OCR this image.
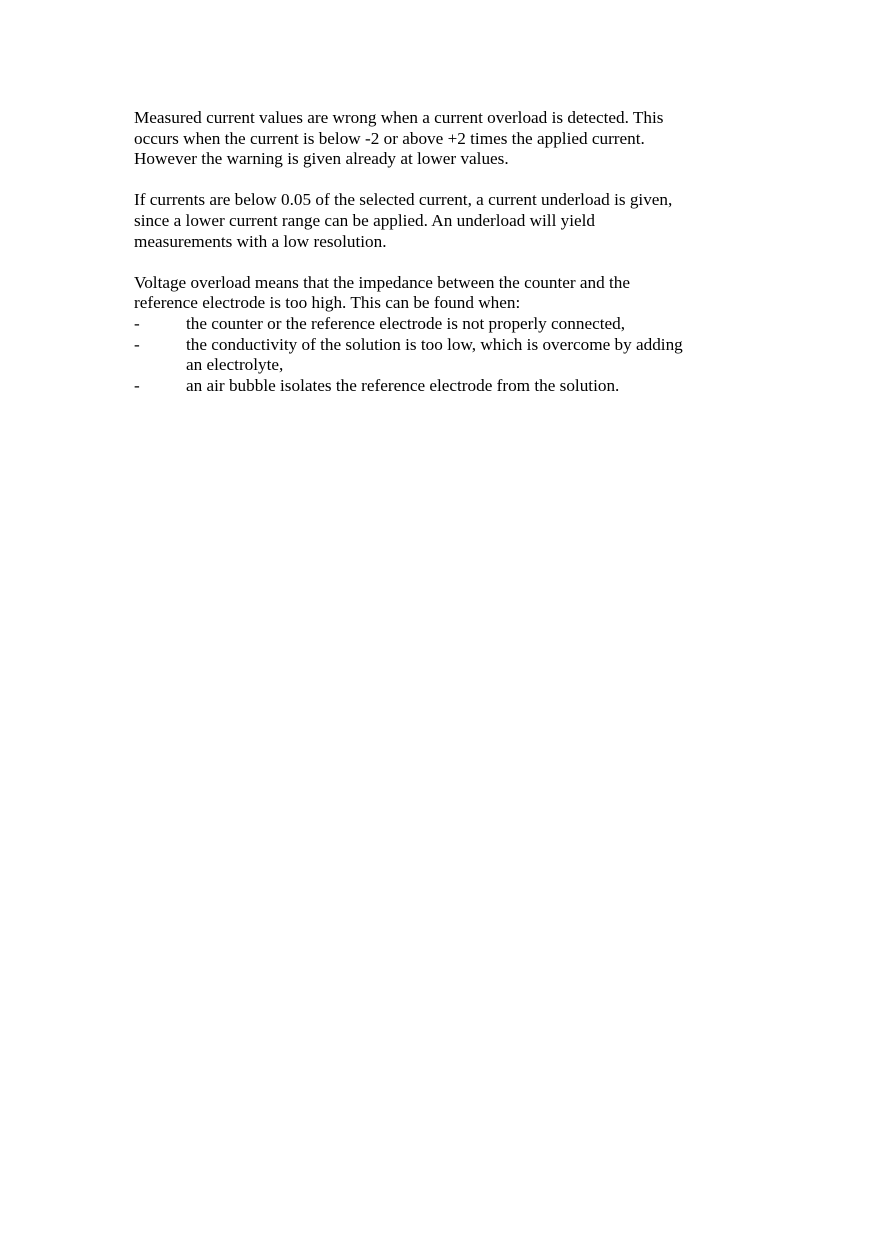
Measured current values are wrong when a current overload is detected. This
occurs when the current is below -2 or above +2 times the applied current.
However the warning is given already at lower values.
If currents are below 0.05 of the selected current, a current underload is given,
since a lower current range can be applied. An underload will yield
measurements with a low resolution.
Voltage overload means that the impedance between the counter and the
reference electrode is too high. This can be found when:
-	the counter or the reference electrode is not properly connected,
-	the conductivity of the solution is too low, which is overcome by adding
an electrolyte,
-	an air bubble isolates the reference electrode from the solution.
